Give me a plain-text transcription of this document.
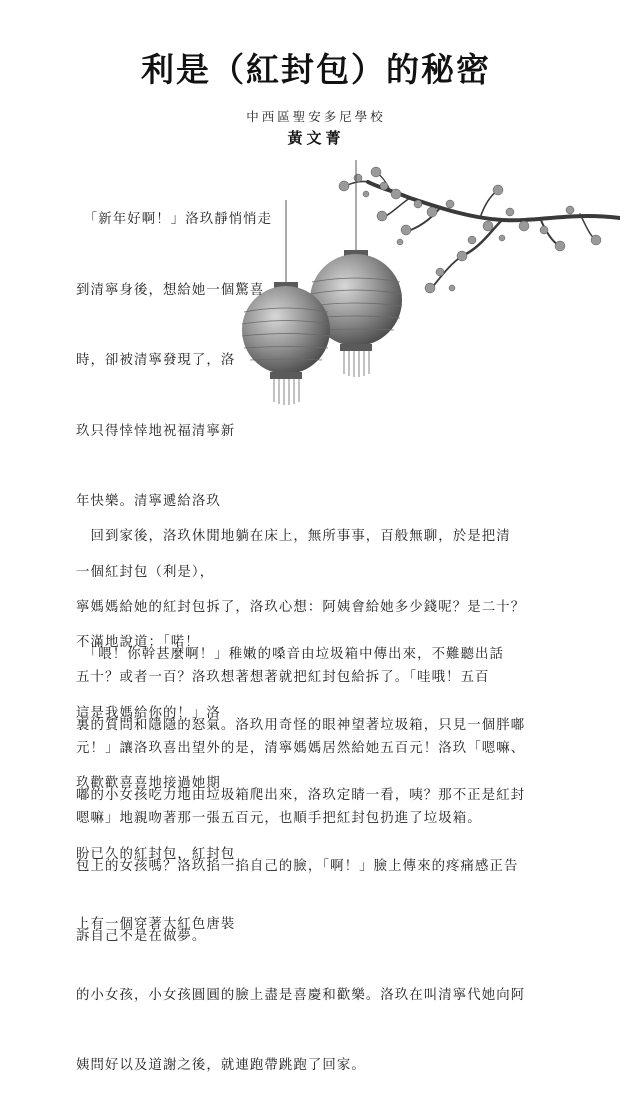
利是（紅封包）的秘密
中西區聖安多尼學校
黃文菁

　「新年好啊！」洛玖靜悄悄走

到清寧身後，想給她一個驚喜

時，卻被清寧發現了，洛

玖只得悻悻地祝福清寧新

年快樂。清寧遞給洛玖

一個紅封包（利是），

不滿地說道：「喏！

這是我媽給你的！」洛

玖歡歡喜喜地接過她期

盼已久的紅封包，紅封包

上有一個穿著大紅色唐裝

的小女孩，小女孩圓圓的臉上盡是喜慶和歡樂。洛玖在叫清寧代她向阿

姨問好以及道謝之後，就連跑帶跳跑了回家。

　回到家後，洛玖休閒地躺在床上，無所事事，百般無聊，於是把清

寧媽媽給她的紅封包拆了，洛玖心想：阿姨會給她多少錢呢？是二十？

五十？或者一百？洛玖想著想著就把紅封包給拆了。「哇哦！五百

元！」讓洛玖喜出望外的是，清寧媽媽居然給她五百元！洛玖「嗯嘛、

嗯嘛」地親吻著那一張五百元，也順手把紅封包扔進了垃圾箱。

　「喂！你幹甚麼啊！」稚嫩的嗓音由垃圾箱中傳出來，不難聽出話

裏的質問和隱隱的怒氣。洛玖用奇怪的眼神望著垃圾箱，只見一個胖嘟

嘟的小女孩吃力地由垃圾箱爬出來，洛玖定睛一看，咦？那不正是紅封

包上的女孩嗎？洛玖掐一掐自己的臉，「啊！」臉上傳來的疼痛感正告

訴自己不是在做夢。
